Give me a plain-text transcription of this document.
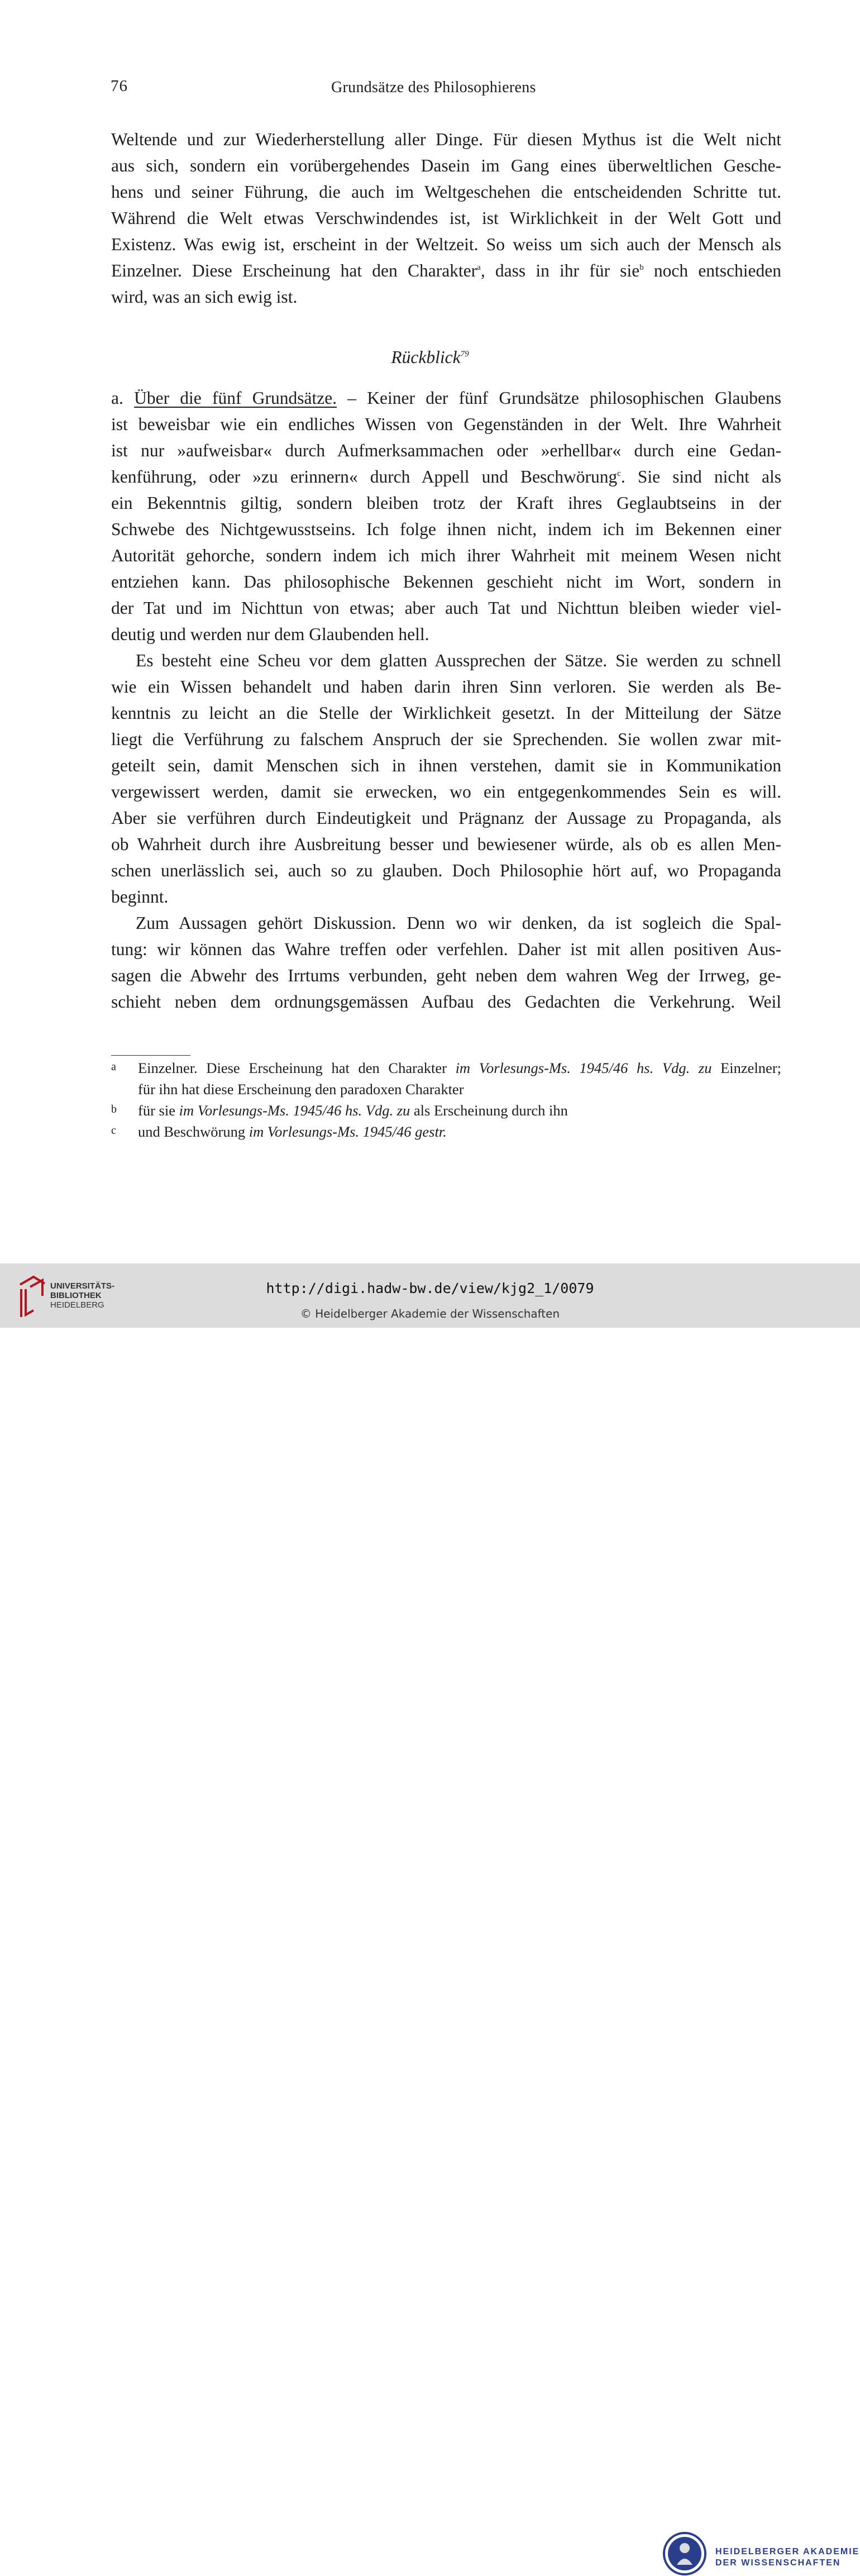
76	Grundsätze des Philosophierens
Weltende und zur Wiederherstellung aller Dinge. Für diesen Mythus ist die Welt nicht
aus sich, sondern ein vorübergehendes Dasein im Gang eines überweltlichen Gesche-
hens und seiner Führung, die auch im Weltgeschehen die entscheidenden Schritte tut.
Während die Welt etwas Verschwindendes ist, ist Wirklichkeit in der Welt Gott und
Existenz. Was ewig ist, erscheint in der Weltzeit. So weiss um sich auch der Mensch als
Einzelner. Diese Erscheinung hat den Charakter$^a$, dass in ihr für sie$^b$ noch entschieden
wird, was an sich ewig ist.
Rückblick$^{79}$
a. Über die fünf Grundsätze. – Keiner der fünf Grundsätze philosophischen Glaubens
ist beweisbar wie ein endliches Wissen von Gegenständen in der Welt. Ihre Wahrheit
ist nur »aufweisbar« durch Aufmerksammachen oder »erhellbar« durch eine Gedan-
kenführung, oder »zu erinnern« durch Appell und Beschwörung$^c$. Sie sind nicht als
ein Bekenntnis giltig, sondern bleiben trotz der Kraft ihres Geglaubtseins in der
Schwebe des Nichtgewusstseins. Ich folge ihnen nicht, indem ich im Bekennen einer
Autorität gehorche, sondern indem ich mich ihrer Wahrheit mit meinem Wesen nicht
entziehen kann. Das philosophische Bekennen geschieht nicht im Wort, sondern in
der Tat und im Nichttun von etwas; aber auch Tat und Nichttun bleiben wieder viel-
deutig und werden nur dem Glaubenden hell.
Es besteht eine Scheu vor dem glatten Aussprechen der Sätze. Sie werden zu schnell
wie ein Wissen behandelt und haben darin ihren Sinn verloren. Sie werden als Be-
kenntnis zu leicht an die Stelle der Wirklichkeit gesetzt. In der Mitteilung der Sätze
liegt die Verführung zu falschem Anspruch der sie Sprechenden. Sie wollen zwar mit-
geteilt sein, damit Menschen sich in ihnen verstehen, damit sie in Kommunikation
vergewissert werden, damit sie erwecken, wo ein entgegenkommendes Sein es will.
Aber sie verführen durch Eindeutigkeit und Prägnanz der Aussage zu Propaganda, als
ob Wahrheit durch ihre Ausbreitung besser und bewiesener würde, als ob es allen Men-
schen unerlässlich sei, auch so zu glauben. Doch Philosophie hört auf, wo Propaganda
beginnt.
Zum Aussagen gehört Diskussion. Denn wo wir denken, da ist sogleich die Spal-
tung: wir können das Wahre treffen oder verfehlen. Daher ist mit allen positiven Aus-
sagen die Abwehr des Irrtums verbunden, geht neben dem wahren Weg der Irrweg, ge-
schieht neben dem ordnungsgemässen Aufbau des Gedachten die Verkehrung. Weil
a Einzelner. Diese Erscheinung hat den Charakter im Vorlesungs-Ms. 1945/46 hs. Vdg. zu Einzelner;
für ihn hat diese Erscheinung den paradoxen Charakter
b für sie im Vorlesungs-Ms. 1945/46 hs. Vdg. zu als Erscheinung durch ihn
c und Beschwörung im Vorlesungs-Ms. 1945/46 gestr.
UNIVERSITÄTS-
BIBLIOTHEK
HEIDELBERG
HEIDELBERGER AKADEMIE
DER WISSENSCHAFTEN
http://digi.hadw-bw.de/view/kjg2_1/0079
© Heidelberger Akademie der Wissenschaften
